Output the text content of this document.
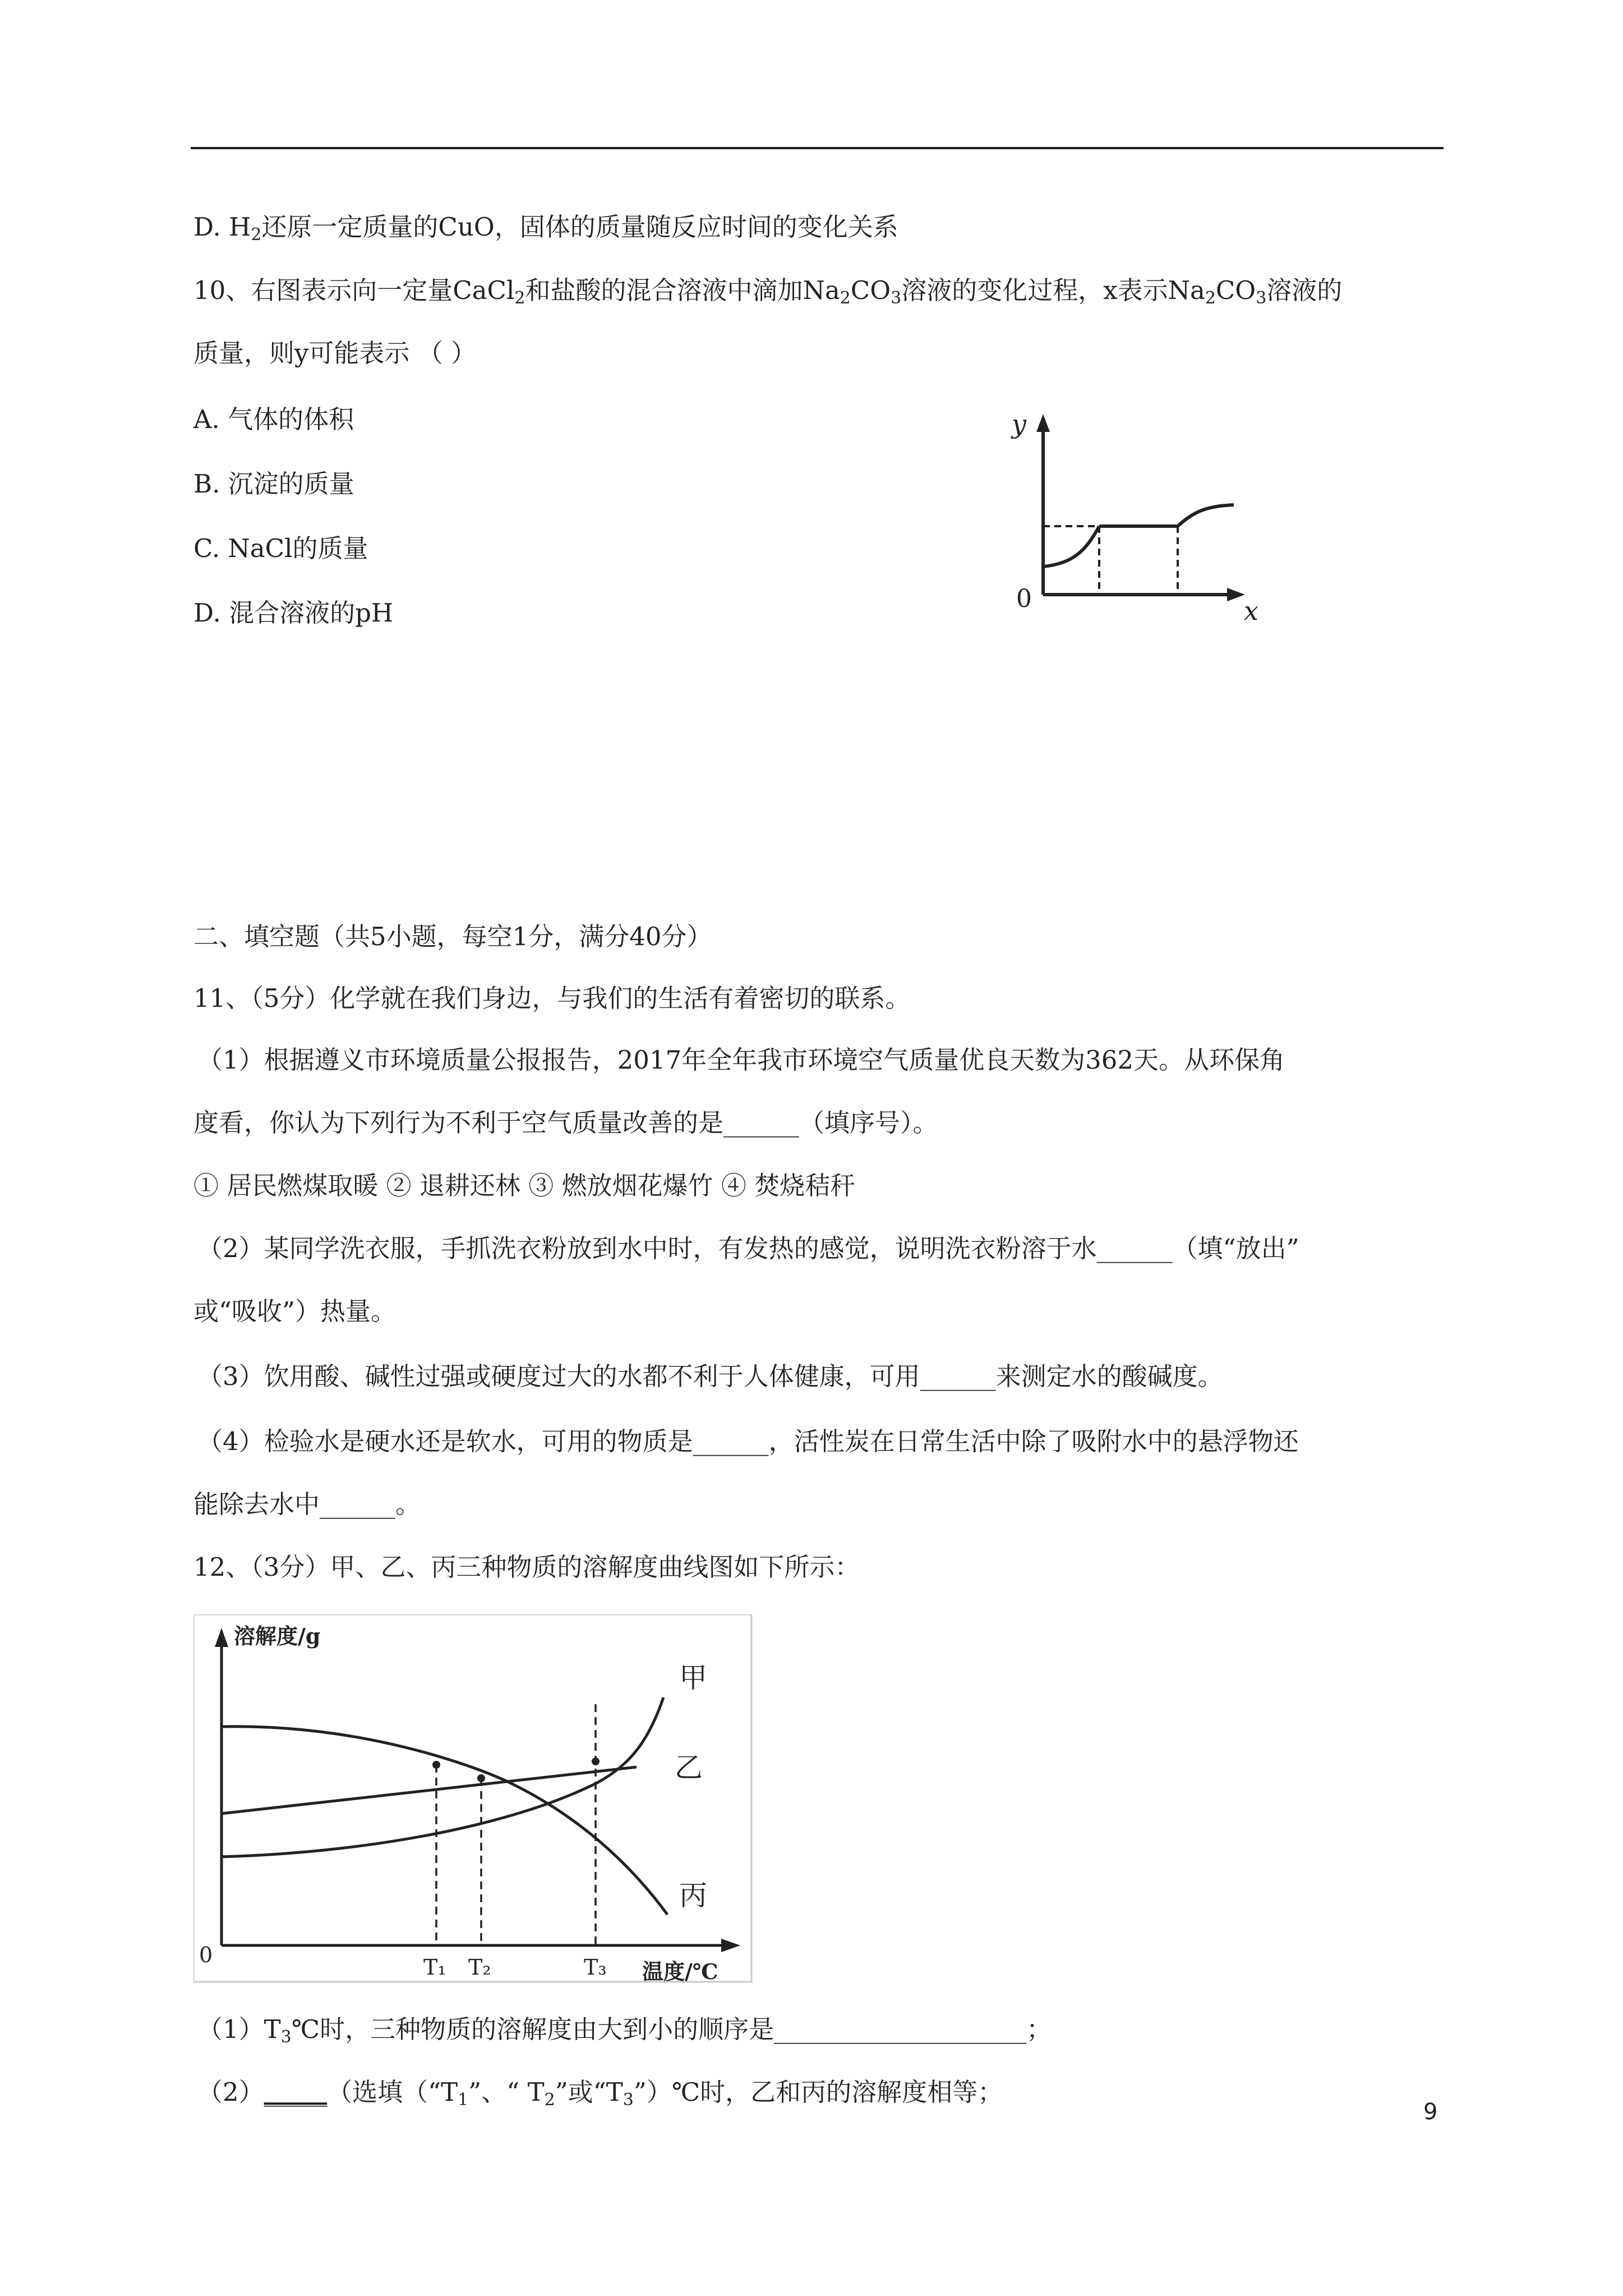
D. $H_2$还原一定质量的CuO，固体的质量随反应时间的变化关系
10、右图表示向一定量CaCl$_2$和盐酸的混合溶液中滴加$Na_2CO_3$溶液的变化过程，x表示$Na_2CO_3$溶液的
质量，则y可能表示 （ ）
A. 气体的体积
B. 沉淀的质量
C. NaCl的质量
D. 混合溶液的pH
y
0	x
二、填空题（共5小题，每空1分，满分40分）
11、（5分）化学就在我们身边，与我们的生活有着密切的联系。
（1）根据遵义市环境质量公报报告，2017年全年我市环境空气质量优良天数为362天。从环保角
度看，你认为下列行为不利于空气质量改善的是______（填序号）。
① 居民燃煤取暖 ② 退耕还林 ③ 燃放烟花爆竹 ④ 焚烧秸秆
（2）某同学洗衣服，手抓洗衣粉放到水中时，有发热的感觉，说明洗衣粉溶于水______（填“放出”
或“吸收”）热量。
（3）饮用酸、碱性过强或硬度过大的水都不利于人体健康，可用______来测定水的酸碱度。
（4）检验水是硬水还是软水，可用的物质是______，活性炭在日常生活中除了吸附水中的悬浮物还
能除去水中______。
12、（3分）甲、乙、丙三种物质的溶解度曲线图如下所示：
溶解度/g
0	T₁ T₂	T₃ 温度/℃
甲
乙
丙
$(1)T_3℃$时，三种物质的溶解度由大到小的顺序是____________________；
（2）_____（选填（“$T_1$”、“ $T_2$”或“$T_3”)℃$时，乙和丙的溶解度相等；
9
